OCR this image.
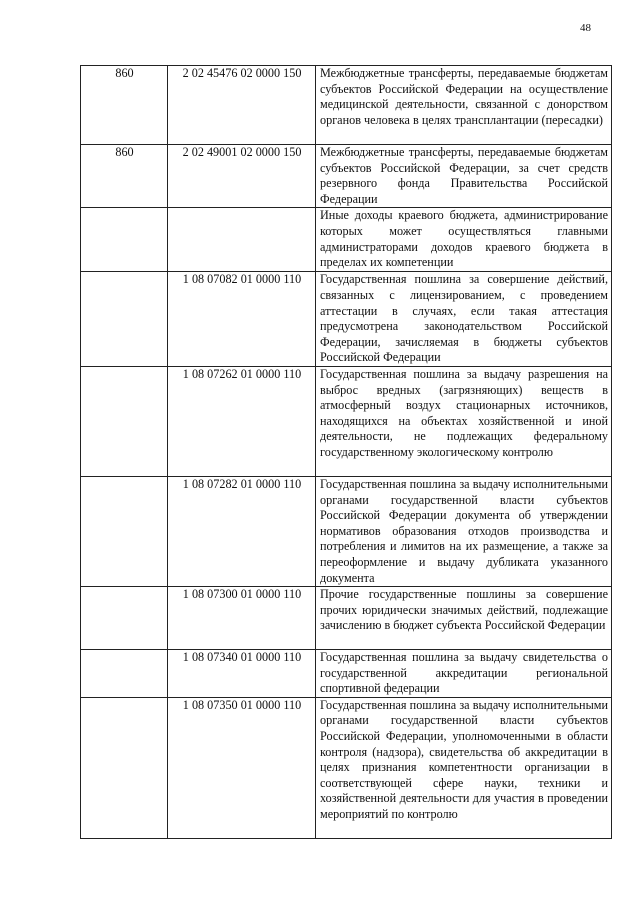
48
860	2 02 45476 02 0000 150	Межбюджетные трансферты, передаваемые бюджетам субъектов Российской Федерации на осуществление медицинской деятельности, связанной с донорством органов человека в целях трансплантации (пересадки)
860	2 02 49001 02 0000 150	Межбюджетные трансферты, передаваемые бюджетам субъектов Российской Федерации, за счет средств резервного фонда Правительства Российской Федерации
		Иные доходы краевого бюджета, администрирование которых может осуществляться главными администраторами доходов краевого бюджета в пределах их компетенции
	1 08 07082 01 0000 110	Государственная пошлина за совершение действий, связанных с лицензированием, с проведением аттестации в случаях, если такая аттестация предусмотрена законодательством Российской Федерации, зачисляемая в бюджеты субъектов Российской Федерации
	1 08 07262 01 0000 110	Государственная пошлина за выдачу разрешения на выброс вредных (загрязняющих) веществ в атмосферный воздух стационарных источников, находящихся на объектах хозяйственной и иной деятельности, не подлежащих федеральному государственному экологическому контролю
	1 08 07282 01 0000 110	Государственная пошлина за выдачу исполнительными органами государственной власти субъектов Российской Федерации документа об утверждении нормативов образования отходов производства и потребления и лимитов на их размещение, а также за переоформление и выдачу дубликата указанного документа
	1 08 07300 01 0000 110	Прочие государственные пошлины за совершение прочих юридически значимых действий, подлежащие зачислению в бюджет субъекта Российской Федерации
	1 08 07340 01 0000 110	Государственная пошлина за выдачу свидетельства о государственной аккредитации региональной спортивной федерации
	1 08 07350 01 0000 110	Государственная пошлина за выдачу исполнительными органами государственной власти субъектов Российской Федерации, уполномоченными в области контроля (надзора), свидетельства об аккредитации в целях признания компетентности организации в соответствующей сфере науки, техники и хозяйственной деятельности для участия в проведении мероприятий по контролю
